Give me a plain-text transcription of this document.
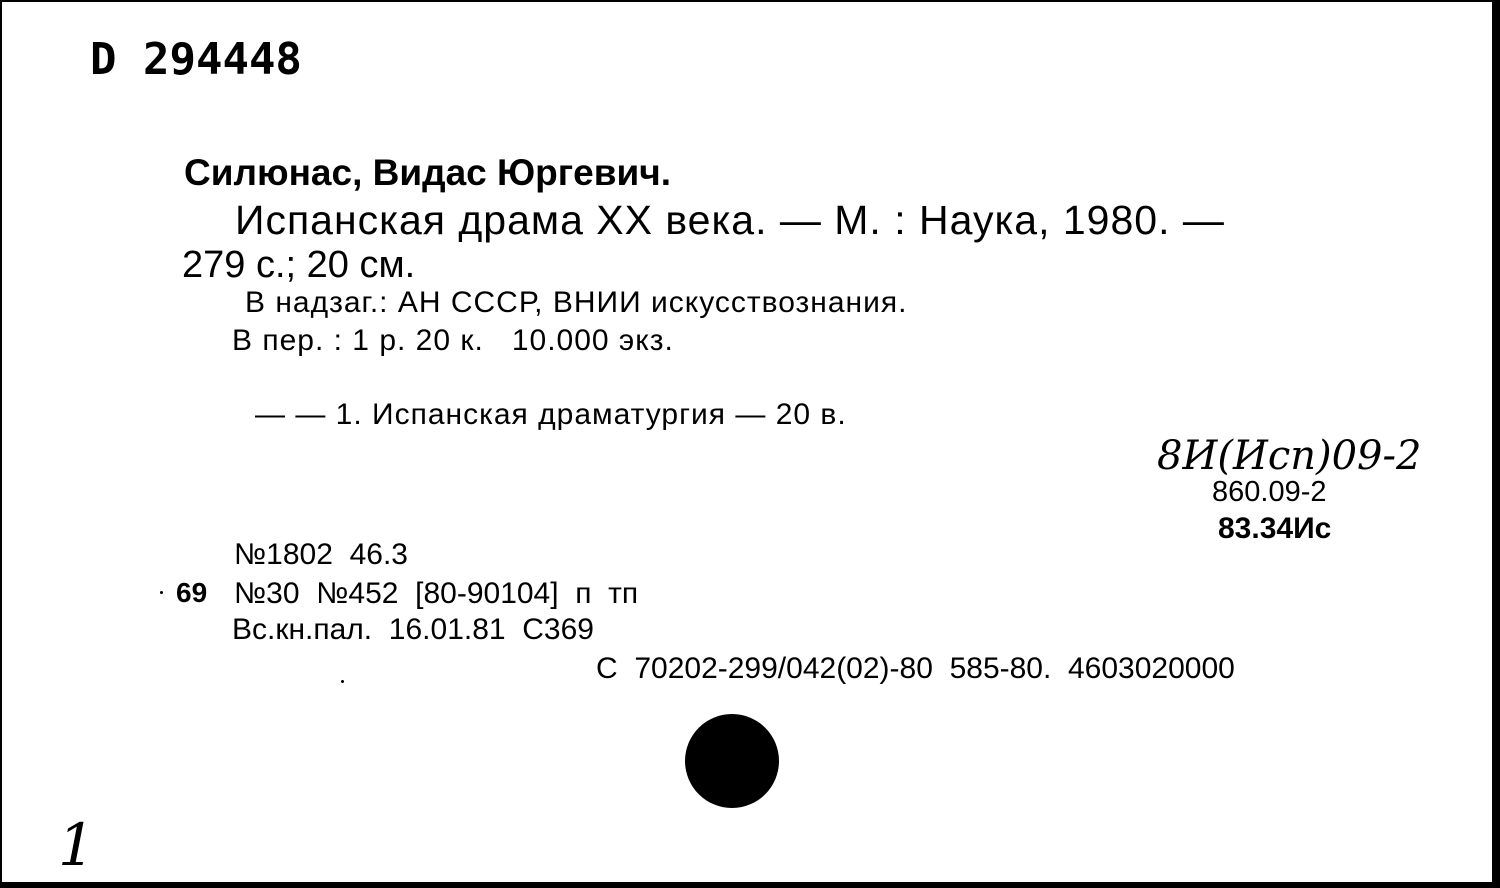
D 294448
Силюнас, Видас Юргевич.
Испанская драма XX века. — М. : Наука, 1980. —
279 с.; 20 см.
В надзаг.: АН СССР, ВНИИ искусствознания.
В пер. : 1 р. 20 к.   10.000 экз.
— — 1. Испанская драматургия — 20 в.
8И(Исп)09-2
860.09-2
83.34Ис
№1802  46.3
69 №30  №452  [80-90104]  п  тп
Вс.кн.пал.  16.01.81  С369
С  70202-299/042(02)-80  585-80.  4603020000
1
